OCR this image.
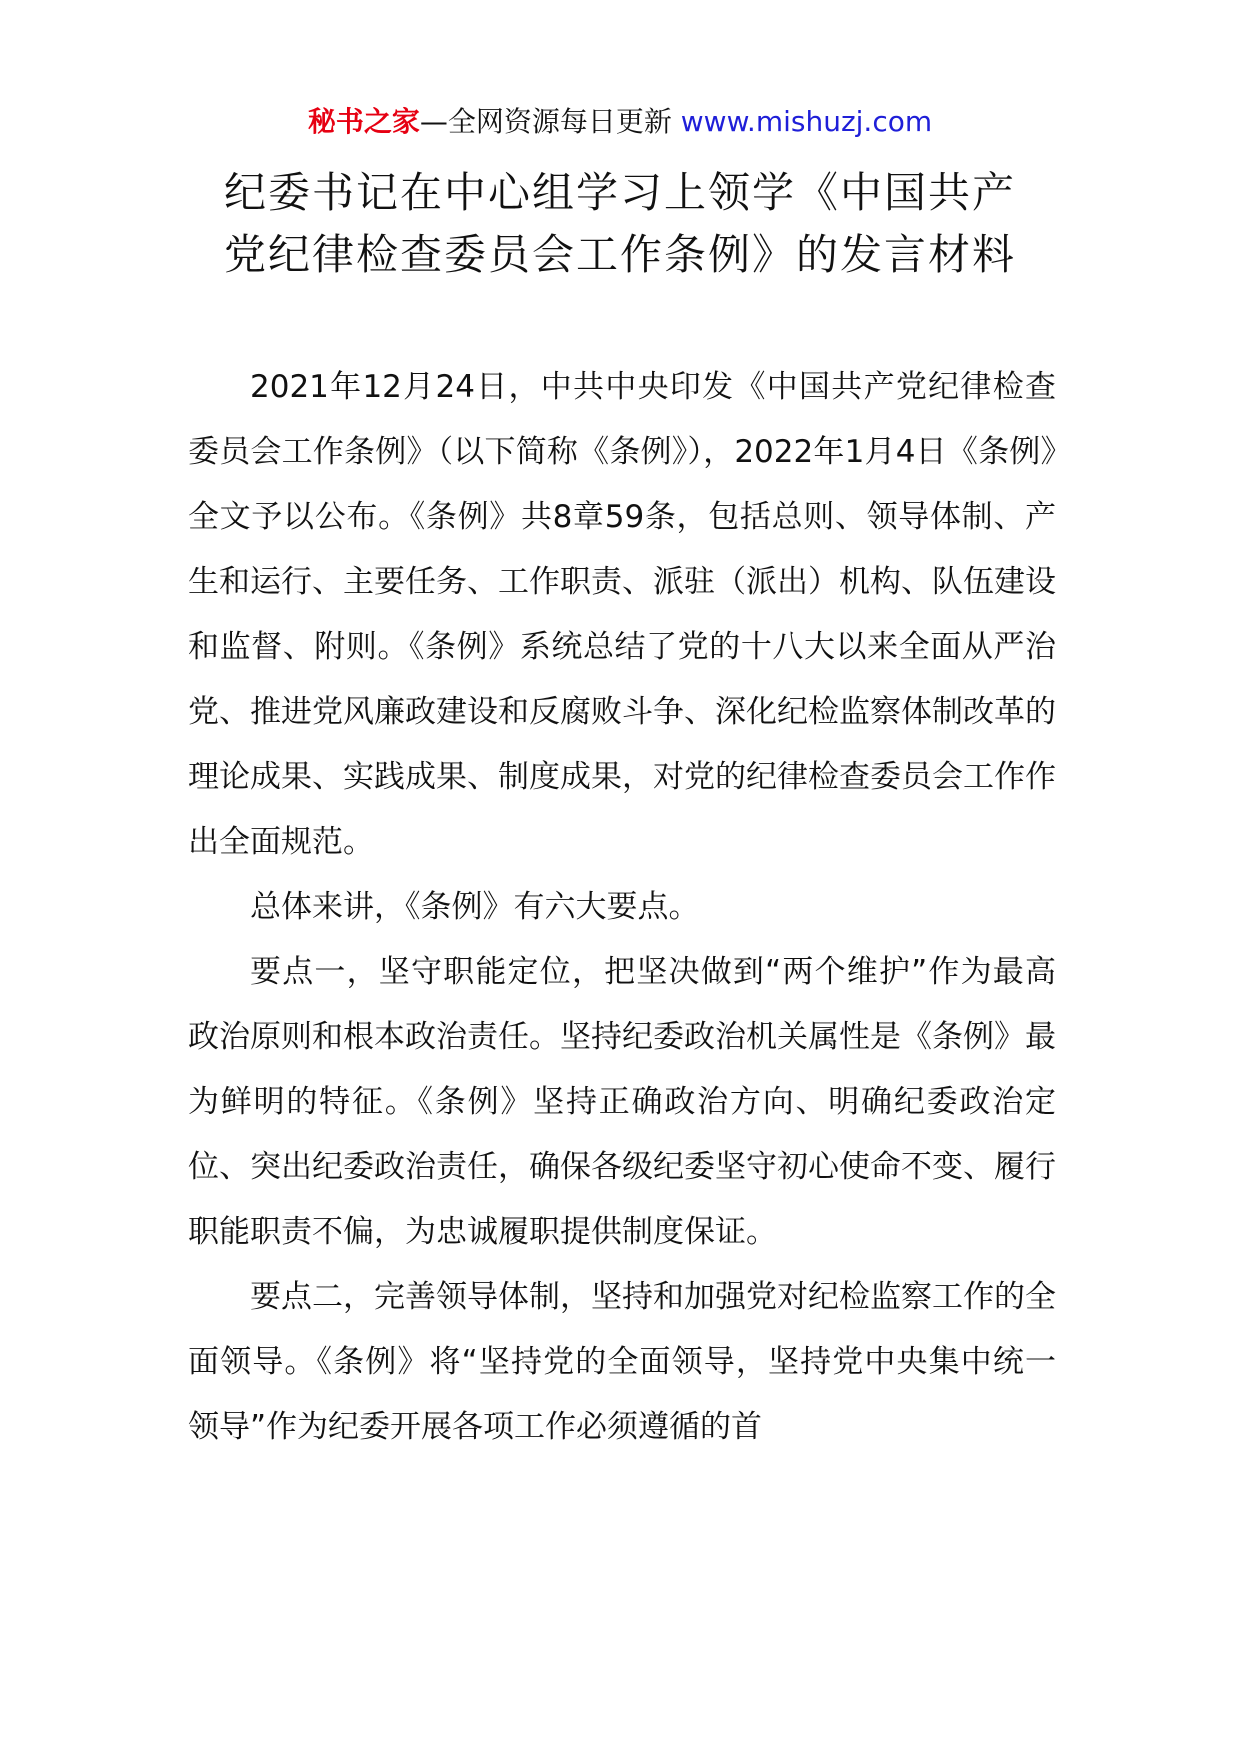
秘书之家—全网资源每日更新 www.mishuzj.com
纪委书记在中心组学习上领学《中国共产
党纪律检查委员会工作条例》的发言材料

2021年12月24日，中共中央印发《中国共产党纪律检查委员会工作条例》（以下简称《条例》），2022年1月4日《条例》全文予以公布。《条例》共8章59条，包括总则、领导体制、产生和运行、主要任务、工作职责、派驻（派出）机构、队伍建设和监督、附则。《条例》系统总结了党的十八大以来全面从严治党、推进党风廉政建设和反腐败斗争、深化纪检监察体制改革的理论成果、实践成果、制度成果，对党的纪律检查委员会工作作出全面规范。

总体来讲，《条例》有六大要点。

要点一，坚守职能定位，把坚决做到“两个维护”作为最高政治原则和根本政治责任。坚持纪委政治机关属性是《条例》最为鲜明的特征。《条例》坚持正确政治方向、明确纪委政治定位、突出纪委政治责任，确保各级纪委坚守初心使命不变、履行职能职责不偏，为忠诚履职提供制度保证。

要点二，完善领导体制，坚持和加强党对纪检监察工作的全面领导。《条例》将“坚持党的全面领导，坚持党中央集中统一领导”作为纪委开展各项工作必须遵循的首
